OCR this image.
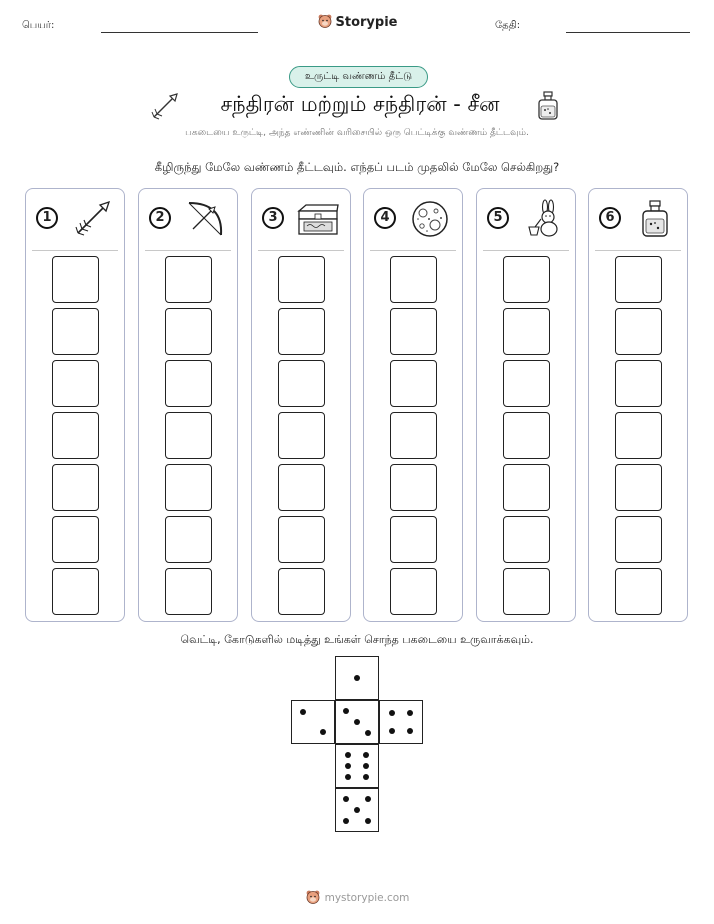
பெயர்:	Storypie	தேதி:
உருட்டி வண்ணம் தீட்டு
சந்திரன் மற்றும் சந்திரன் - சீன
பகடையை உருட்டி, அந்த எண்ணின் வரிசையில் ஒரு பெட்டிக்கு வண்ணம் தீட்டவும்.
கீழிருந்து மேலே வண்ணம் தீட்டவும். எந்தப் படம் முதலில் மேலே செல்கிறது?
1	2	3	4	5	6
வெட்டி, கோடுகளில் மடித்து உங்கள் சொந்த பகடையை உருவாக்கவும்.
mystorypie.com
